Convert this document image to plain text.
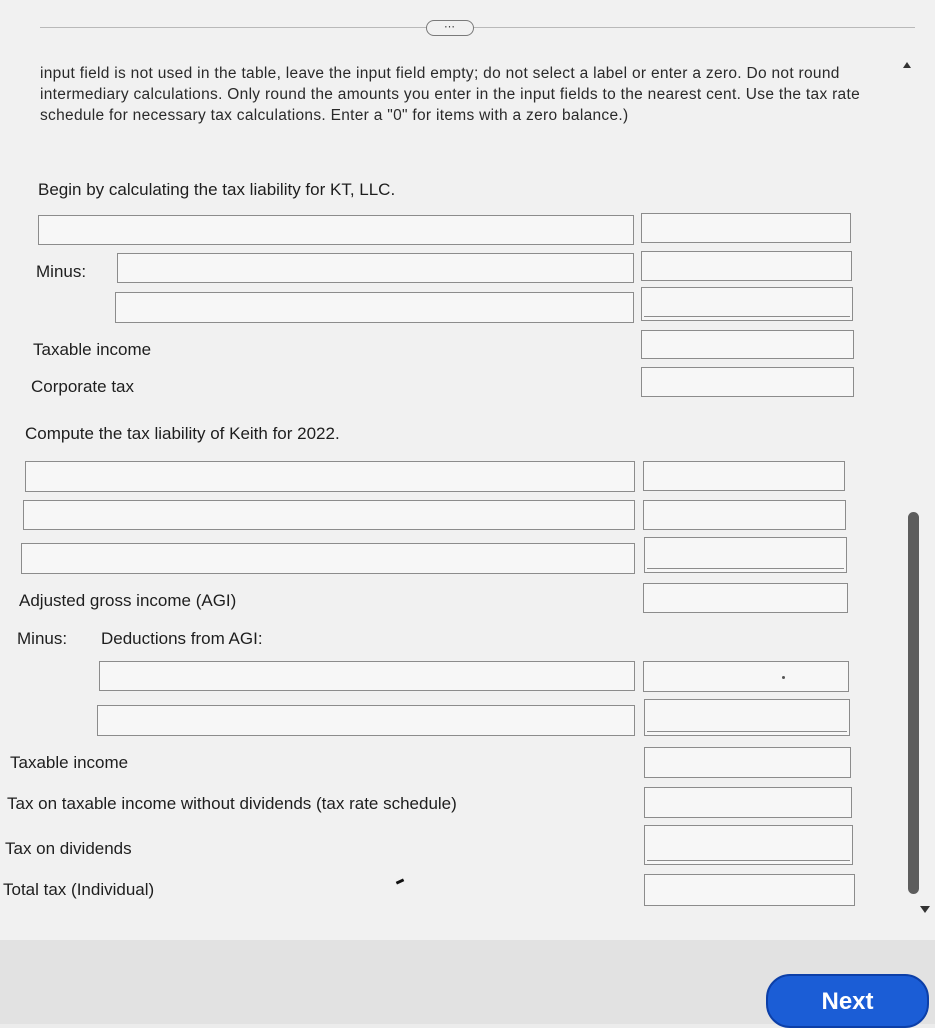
⋯
input field is not used in the table, leave the input field empty; do not select a label or enter a zero. Do not round intermediary calculations. Only round the amounts you enter in the input fields to the nearest cent. Use the tax rate schedule for necessary tax calculations. Enter a "0" for items with a zero balance.)
Begin by calculating the tax liability for KT, LLC.
Minus:
Taxable income
Corporate tax
Compute the tax liability of Keith for 2022.
Adjusted gross income (AGI)
Minus: Deductions from AGI:
Taxable income
Tax on taxable income without dividends (tax rate schedule)
Tax on dividends
Total tax (Individual)
Next
